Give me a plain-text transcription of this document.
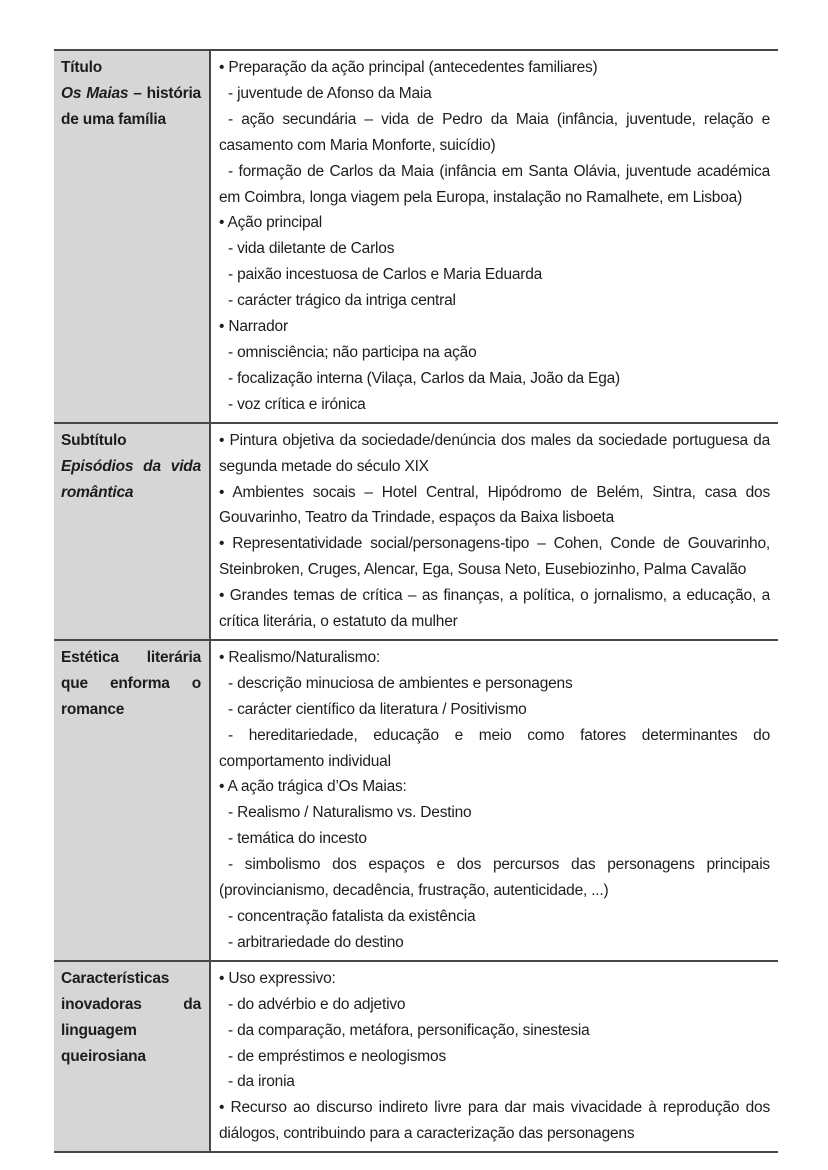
Título
Os Maias – história de uma família

• Preparação da ação principal (antecedentes familiares)

- juventude de Afonso da Maia

- ação secundária – vida de Pedro da Maia (infância, juventude, relação e casamento com Maria Monforte, suicídio)

- formação de Carlos da Maia (infância em Santa Olávia, juventude académica em Coimbra, longa viagem pela Europa, instalação no Ramalhete, em Lisboa)

• Ação principal

- vida diletante de Carlos

- paixão incestuosa de Carlos e Maria Eduarda

- carácter trágico da intriga central

• Narrador

- omnisciência; não participa na ação

- focalização interna (Vilaça, Carlos da Maia, João da Ega)

- voz crítica e irónica

Subtítulo
Episódios da vida romântica

• Pintura objetiva da sociedade/denúncia dos males da sociedade portuguesa da segunda metade do século XIX

• Ambientes socais – Hotel Central, Hipódromo de Belém, Sintra, casa dos Gouvarinho, Teatro da Trindade, espaços da Baixa lisboeta

• Representatividade social/personagens-tipo – Cohen, Conde de Gouvarinho, Steinbroken, Cruges, Alencar, Ega, Sousa Neto, Eusebiozinho, Palma Cavalão

• Grandes temas de crítica – as finanças, a política, o jornalismo, a educação, a crítica literária, o estatuto da mulher

Estética literária que enforma o romance

• Realismo/Naturalismo:

- descrição minuciosa de ambientes e personagens

- carácter científico da literatura / Positivismo

- hereditariedade, educação e meio como fatores determinantes do comportamento individual

• A ação trágica d’Os Maias:

- Realismo / Naturalismo vs. Destino

- temática do incesto

- simbolismo dos espaços e dos percursos das personagens principais (provincianismo, decadência, frustração, autenticidade, ...)

- concentração fatalista da existência

- arbitrariedade do destino

Características inovadoras da linguagem queirosiana

• Uso expressivo:

- do advérbio e do adjetivo

- da comparação, metáfora, personificação, sinestesia

- de empréstimos e neologismos

- da ironia

• Recurso ao discurso indireto livre para dar mais vivacidade à reprodução dos diálogos, contribuindo para a caracterização das personagens
